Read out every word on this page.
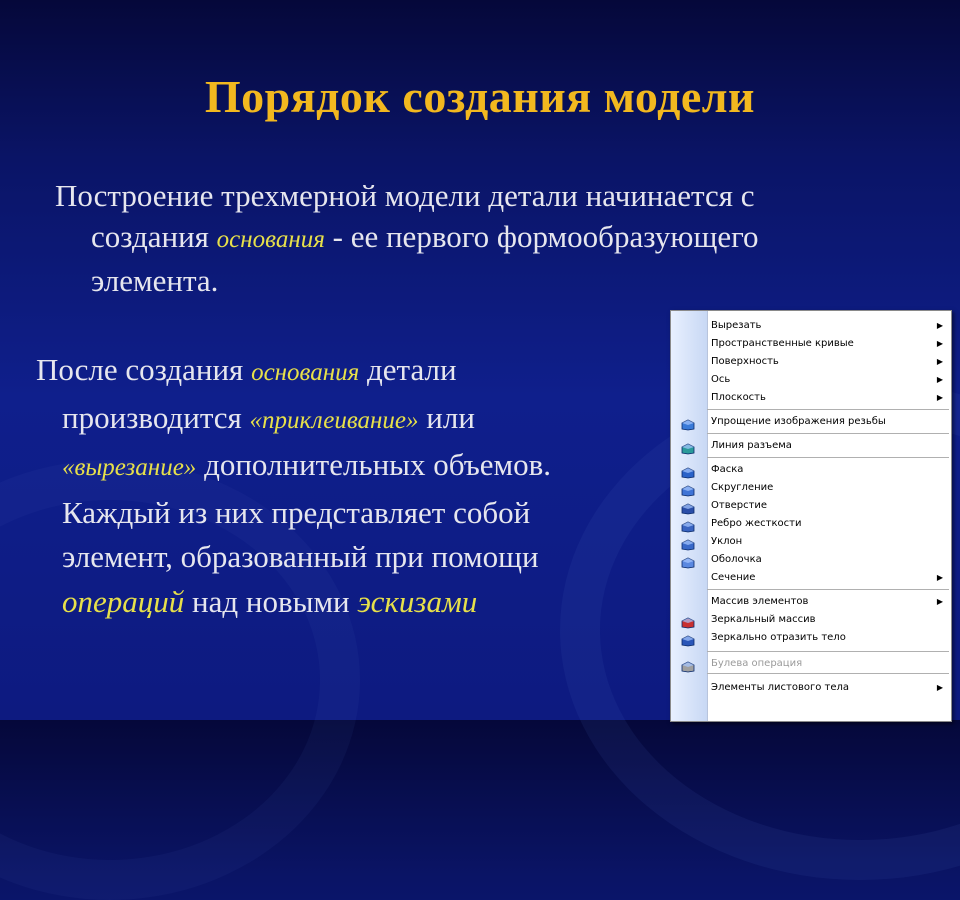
Порядок создания модели
Построение трехмерной модели детали начинается с
создания основания - ее первого формообразующего
элемента.
После создания основания детали
производится «приклеивание» или
«вырезание» дополнительных объемов.
Каждый из них представляет собой
элемент, образованный при помощи
операций над новыми эскизами
Вырезать	▶
Пространственные кривые	▶
Поверхность	▶
Ось	▶
Плоскость	▶
Упрощение изображения резьбы
Линия разъема
Фаска
Скругление
Отверстие
Ребро жесткости
Уклон
Оболочка
Сечение	▶
Массив элементов	▶
Зеркальный массив
Зеркально отразить тело
Булева операция
Элементы листового тела	▶
